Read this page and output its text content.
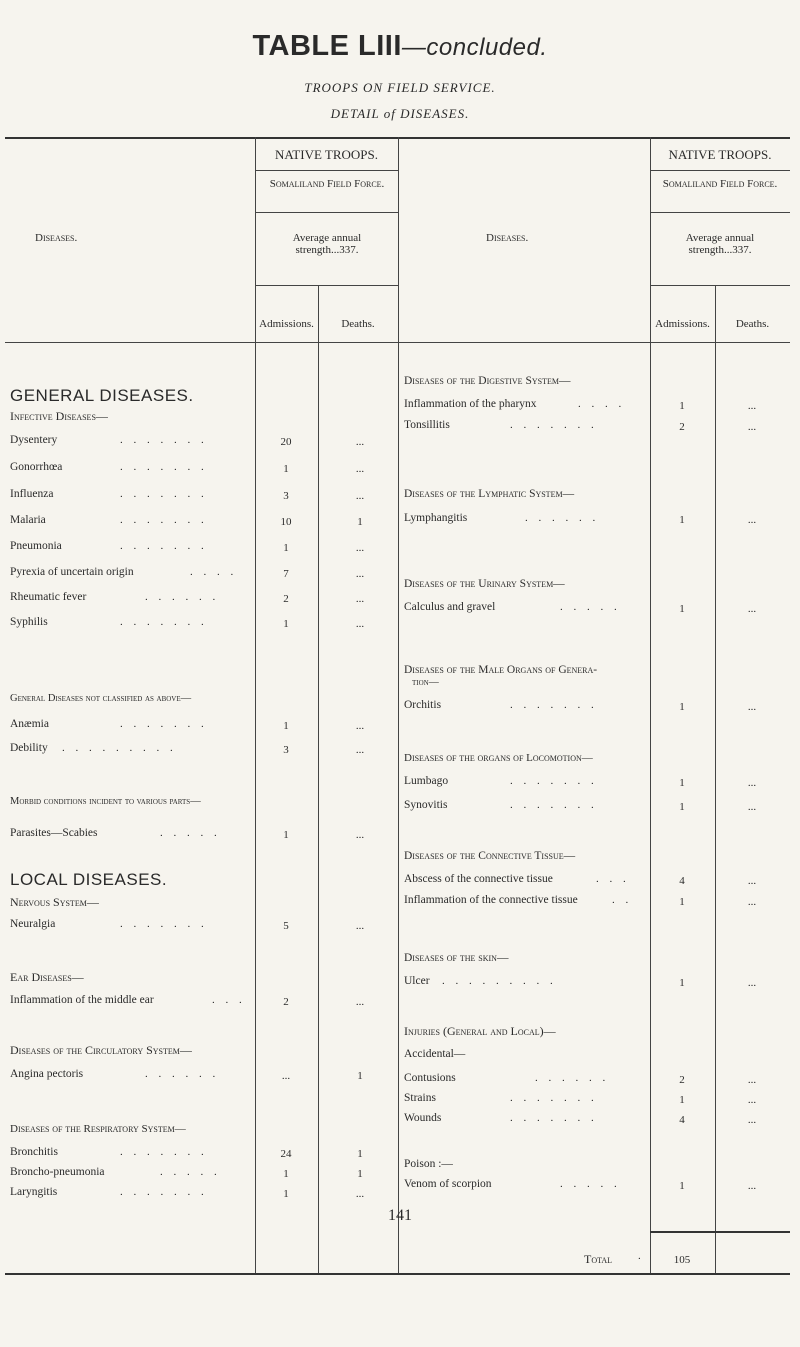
TABLE LIII—concluded.
TROOPS ON FIELD SERVICE.
DETAIL of DISEASES.
Diseases.
NATIVE TROOPS.
Somaliland Field Force.
Average annual strength...337.
Admissions.	Deaths.
Diseases.
NATIVE TROOPS.
Somaliland Field Force.
Average annual strength...337.
Admissions.	Deaths.
GENERAL DISEASES.
Infective Diseases—
Dysentery	. . . . . . .	20	...
Gonorrhœa	. . . . . . .	1	...
Influenza	. . . . . . .	3	...
Malaria	. . . . . . .	10	1
Pneumonia	. . . . . . .	1	...
Pyrexia of uncertain origin	. . . .	7	...
Rheumatic fever	. . . . . .	2	...
Syphilis	. . . . . . .	1	...
General Diseases not classified as above—
Anæmia	. . . . . . .	1	...
Debility . . . . . . . . .	3	...
Morbid conditions incident to various parts—
Parasites—Scabies	. . . . .	1	...
LOCAL DISEASES.
Nervous System—
Neuralgia	. . . . . . .	5	...
Ear Diseases—
Inflammation of the middle ear	. . .	2	...
Diseases of the Circulatory System—
Angina pectoris	. . . . . .	...	1
Diseases of the Respiratory System—
Bronchitis	. . . . . . .	24	1
Broncho-pneumonia	. . . . .	1	1
Laryngitis	. . . . . . .	1	...
Diseases of the Digestive System—
Inflammation of the pharynx	. . . .	1	...
Tonsillitis	. . . . . . .	2	...
Diseases of the Lymphatic System—
Lymphangitis	. . . . . .	1	...
Diseases of the Urinary System—
Calculus and gravel	. . . . .	1	...
Diseases of the Male Organs of Genera-
tion—
Orchitis	. . . . . . .	1	...
Diseases of the organs of Locomotion—
Lumbago	. . . . . . .	1	...
Synovitis	. . . . . . .	1	...
Diseases of the Connective Tissue—
Abscess of the connective tissue	. . .	4	...
Inflammation of the connective tissue	. .	1	...
Diseases of the skin—
Ulcer . . . . . . . . .	1	...
Injuries (General and Local)—
Accidental—
Contusions	. . . . . .	2	...
Strains	. . . . . . .	1	...
Wounds	. . . . . . .	4	...
Poison :—
Venom of scorpion	. . . . .	1	...
Total .	105
141
